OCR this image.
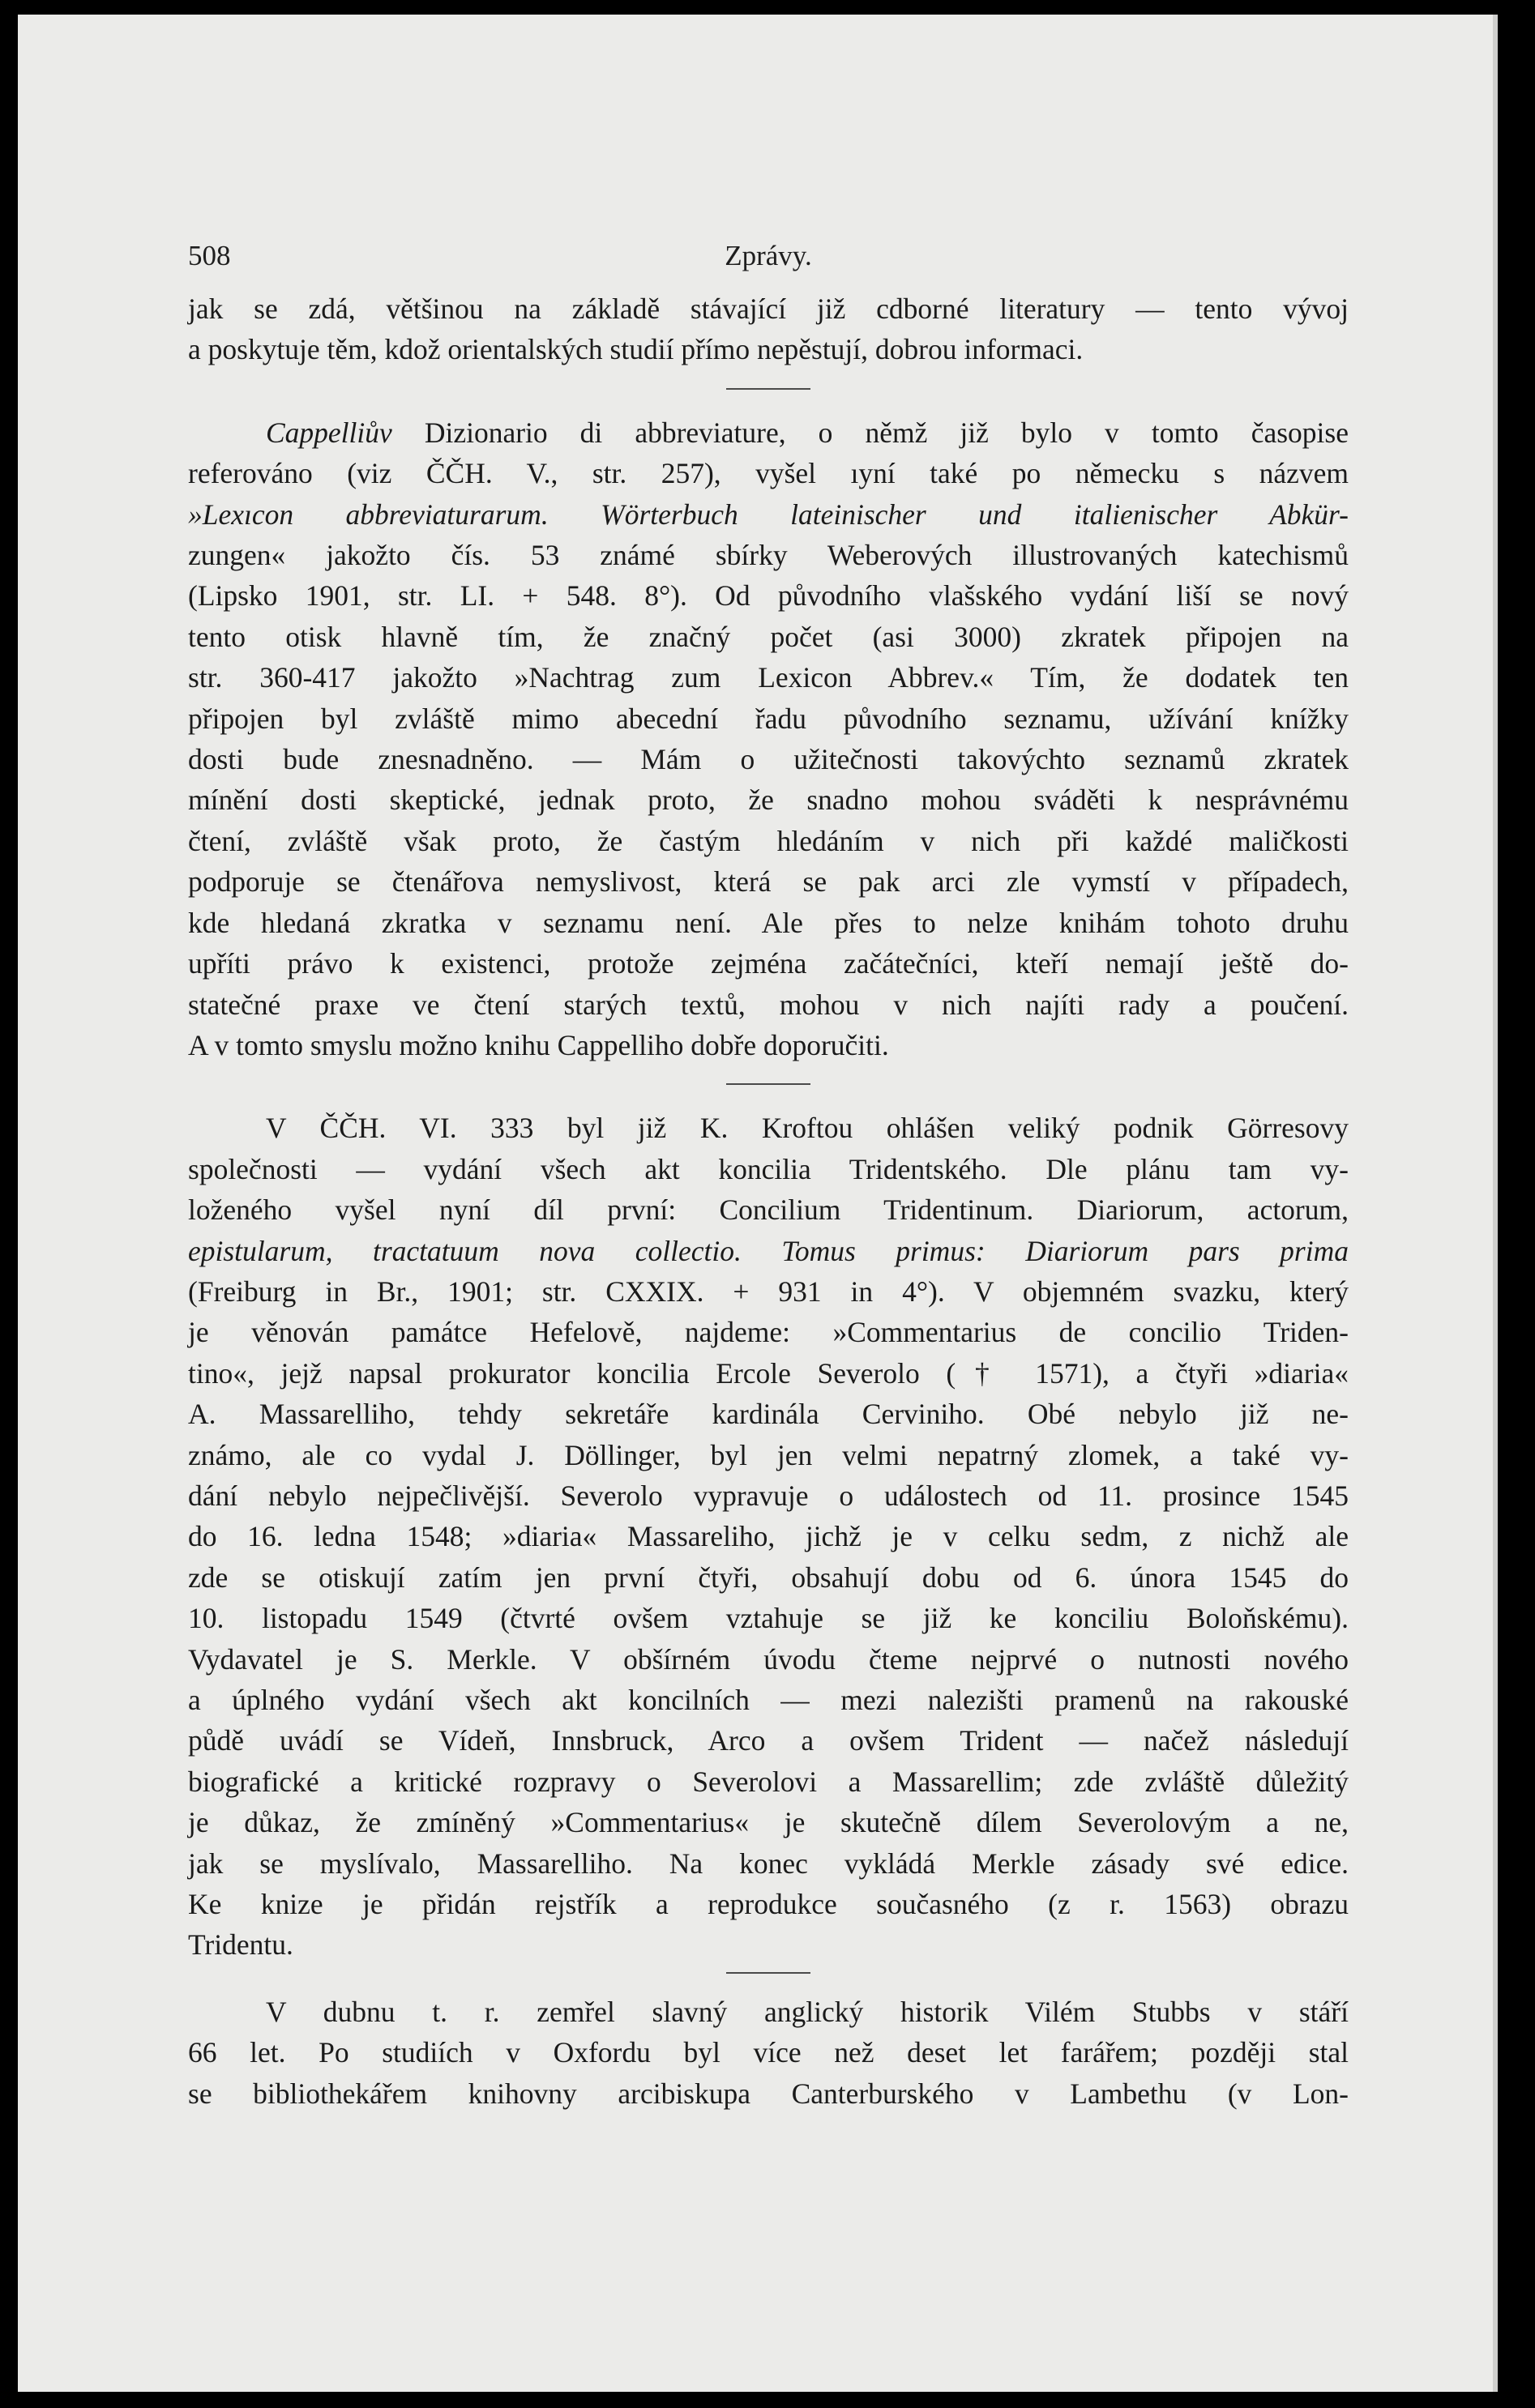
508	Zprávy.

jak se zdá, většinou na základě stávající již cdborné literatury — tento vývoj

a poskytuje těm, kdož orientalských studií přímo nepěstují, dobrou informaci.

Cappelliův Dizionario di abbreviature, o němž již bylo v tomto časopise

referováno (viz ČČH. V., str. 257), vyšel ıyní také po německu s názvem

»Lexıcon abbreviaturarum. Wörterbuch lateinischer und italienischer Abkür-

zungen« jakožto čís. 53 známé sbírky Weberových illustrovaných katechismů

(Lipsko 1901, str. LI. + 548. 8°). Od původního vlašského vydání liší se nový

tento otisk hlavně tím, že značný počet (asi 3000) zkratek připojen na

str. 360-417 jakožto »Nachtrag zum Lexicon Abbrev.« Tím, že dodatek ten

připojen byl zvláště mimo abecední řadu původního seznamu, užívání knížky

dosti bude znesnadněno. — Mám o užitečnosti takovýchto seznamů zkratek

mínění dosti skeptické, jednak proto, že snadno mohou sváděti k nesprávnému

čtení, zvláště však proto, že častým hledáním v nich při každé maličkosti

podporuje se čtenářova nemyslivost, která se pak arci zle vymstí v případech,

kde hledaná zkratka v seznamu není. Ale přes to nelze knihám tohoto druhu

upříti právo k existenci, protože zejména začátečníci, kteří nemají ještě do-

statečné praxe ve čtení starých textů, mohou v nich najíti rady a poučení.

A v tomto smyslu možno knihu Cappelliho dobře doporučiti.

V ČČH. VI. 333 byl již K. Kroftou ohlášen veliký podnik Görresovy

společnosti — vydání všech akt koncilia Tridentského. Dle plánu tam vy-

loženého vyšel nyní díl první: Concilium Tridentinum. Diariorum, actorum,

epistularum, tractatuum nova collectio. Tomus primus: Diariorum pars prima

(Freiburg in Br., 1901; str. CXXIX. + 931 in 4°). V objemném svazku, který

je věnován památce Hefelově, najdeme: »Commentarius de concilio Triden-

tino«, jejž napsal prokurator koncilia Ercole Severolo († 1571), a čtyři »diaria«

A. Massarelliho, tehdy sekretáře kardinála Cerviniho. Obé nebylo již ne-

známo, ale co vydal J. Döllinger, byl jen velmi nepatrný zlomek, a také vy-

dání nebylo nejpečlivější. Severolo vypravuje o událostech od 11. prosince 1545

do 16. ledna 1548; »diaria« Massareliho, jichž je v celku sedm, z nichž ale

zde se otiskují zatím jen první čtyři, obsahují dobu od 6. února 1545 do

10. listopadu 1549 (čtvrté ovšem vztahuje se již ke konciliu Boloňskému).

Vydavatel je S. Merkle. V obšírném úvodu čteme nejprvé o nutnosti nového

a úplného vydání všech akt koncilních — mezi nalezišti pramenů na rakouské

půdě uvádí se Vídeň, Innsbruck, Arco a ovšem Trident — načež následují

biografické a kritické rozpravy o Severolovi a Massarellim; zde zvláště důležitý

je důkaz, že zmíněný »Commentarius« je skutečně dílem Severolovým a ne,

jak se myslívalo, Massarelliho. Na konec vykládá Merkle zásady své edice.

Ke knize je přidán rejstřík a reprodukce současného (z r. 1563) obrazu

Tridentu.

V dubnu t. r. zemřel slavný anglický historik Vilém Stubbs v stáří

66 let. Po studiích v Oxfordu byl více než deset let farářem; později stal

se bibliothekářem knihovny arcibiskupa Canterburského v Lambethu (v Lon-
